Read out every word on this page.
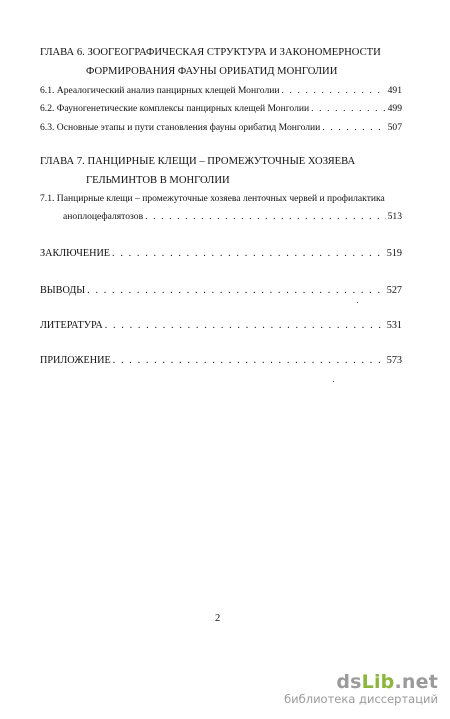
ГЛАВА 6. ЗООГЕОГРАФИЧЕСКАЯ СТРУКТУРА И ЗАКОНОМЕРНОСТИ
ФОРМИРОВАНИЯ ФАУНЫ ОРИБАТИД МОНГОЛИИ
6.1. Ареалогический анализ панцирных клещей Монголии . . .	491
6.2. Фауногенетические комплексы панцирных клещей Монголии . . .	499
6.3. Основные этапы и пути становления фауны орибатид Монголии . . .	507
ГЛАВА 7. ПАНЦИРНЫЕ КЛЕЩИ – ПРОМЕЖУТОЧНЫЕ ХОЗЯЕВА
ГЕЛЬМИНТОВ В МОНГОЛИИ
7.1. Панцирные клещи – промежуточные хозяева ленточных червей и профилактика
аноплоцефалятозов . . .	513
ЗАКЛЮЧЕНИЕ . . .	519
ВЫВОДЫ . . .	527
ЛИТЕРАТУРА . . .	531
ПРИЛОЖЕНИЕ . . .	573
2
dsLib.net
библиотека диссертаций
